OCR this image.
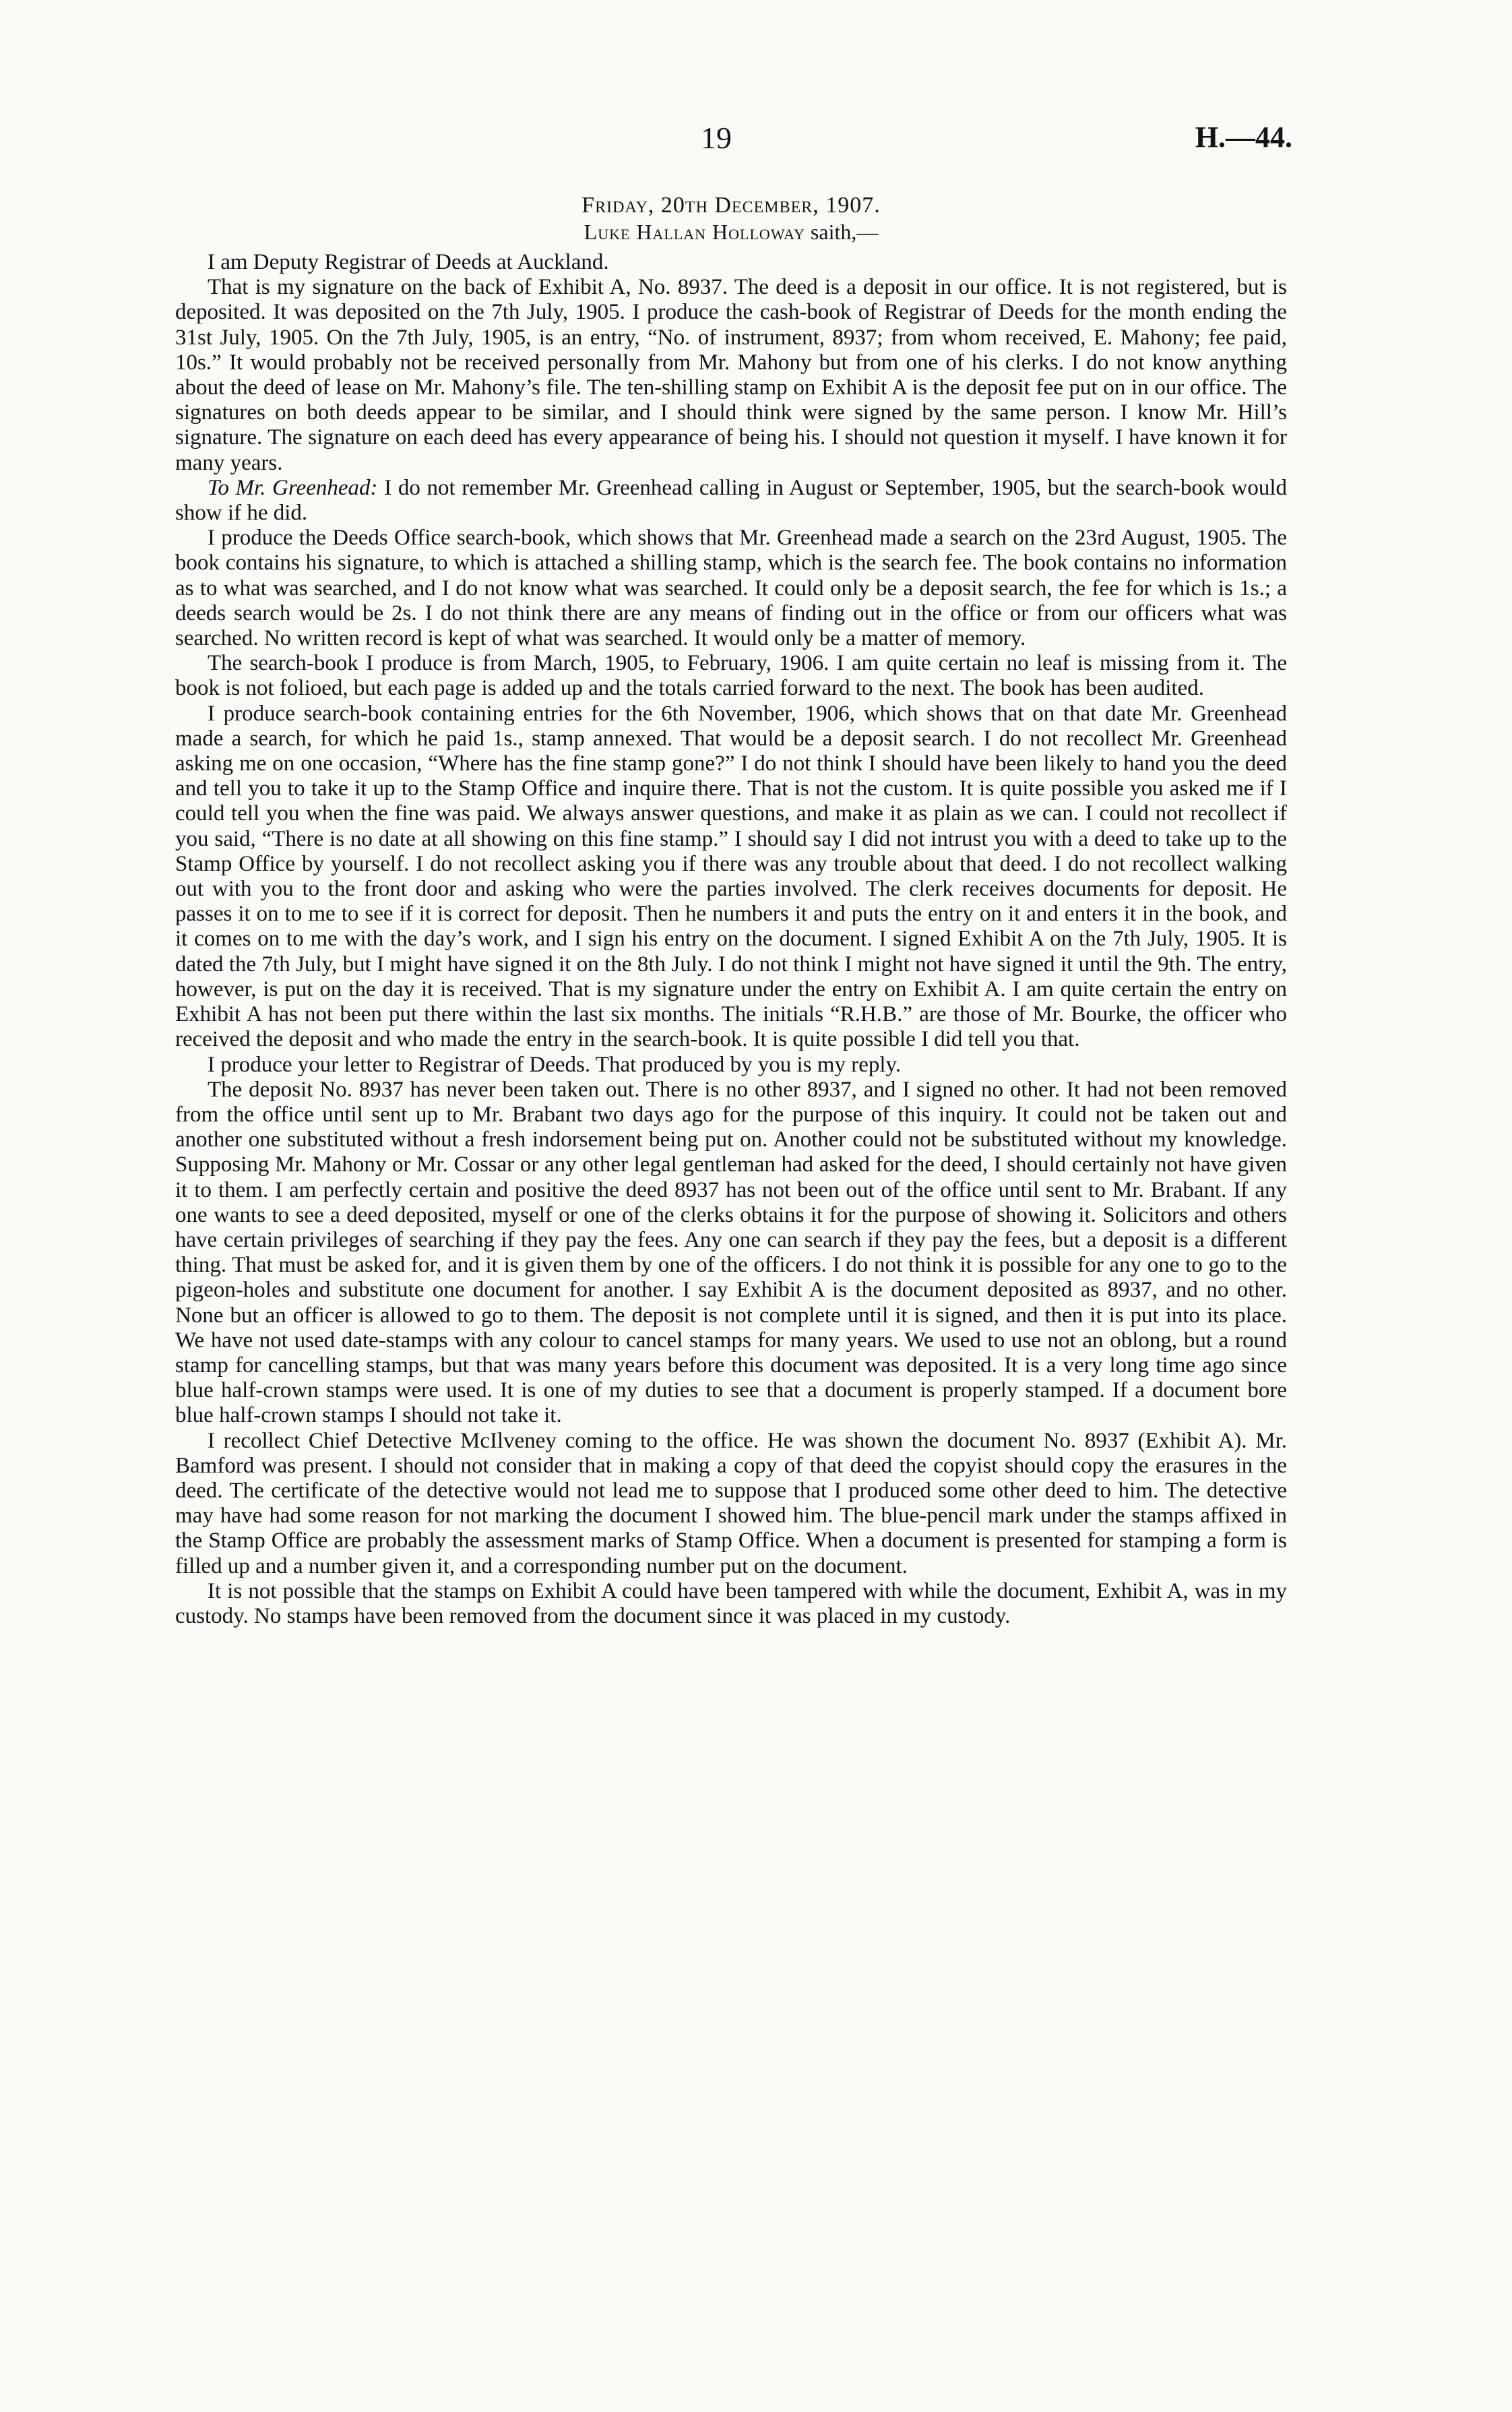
19	H.—44.
Friday, 20th December, 1907.
Luke Hallan Holloway saith,—

I am Deputy Registrar of Deeds at Auckland.

That is my signature on the back of Exhibit A, No. 8937. The deed is a deposit in our office. It is not registered, but is deposited. It was deposited on the 7th July, 1905. I produce the cash-book of Registrar of Deeds for the month ending the 31st July, 1905. On the 7th July, 1905, is an entry, “No. of instrument, 8937; from whom received, E. Mahony; fee paid, 10s.” It would probably not be received personally from Mr. Mahony but from one of his clerks. I do not know anything about the deed of lease on Mr. Mahony’s file. The ten-shilling stamp on Exhibit A is the deposit fee put on in our office. The signatures on both deeds appear to be similar, and I should think were signed by the same person. I know Mr. Hill’s signature. The signature on each deed has every appearance of being his. I should not question it myself. I have known it for many years.

To Mr. Greenhead: I do not remember Mr. Greenhead calling in August or September, 1905, but the search-book would show if he did.

I produce the Deeds Office search-book, which shows that Mr. Greenhead made a search on the 23rd August, 1905. The book contains his signature, to which is attached a shilling stamp, which is the search fee. The book contains no information as to what was searched, and I do not know what was searched. It could only be a deposit search, the fee for which is 1s.; a deeds search would be 2s. I do not think there are any means of finding out in the office or from our officers what was searched. No written record is kept of what was searched. It would only be a matter of memory.

The search-book I produce is from March, 1905, to February, 1906. I am quite certain no leaf is missing from it. The book is not folioed, but each page is added up and the totals carried forward to the next. The book has been audited.

I produce search-book containing entries for the 6th November, 1906, which shows that on that date Mr. Greenhead made a search, for which he paid 1s., stamp annexed. That would be a deposit search. I do not recollect Mr. Greenhead asking me on one occasion, “Where has the fine stamp gone?” I do not think I should have been likely to hand you the deed and tell you to take it up to the Stamp Office and inquire there. That is not the custom. It is quite possible you asked me if I could tell you when the fine was paid. We always answer questions, and make it as plain as we can. I could not recollect if you said, “There is no date at all showing on this fine stamp.” I should say I did not intrust you with a deed to take up to the Stamp Office by yourself. I do not recollect asking you if there was any trouble about that deed. I do not recollect walking out with you to the front door and asking who were the parties involved. The clerk receives documents for deposit. He passes it on to me to see if it is correct for deposit. Then he numbers it and puts the entry on it and enters it in the book, and it comes on to me with the day’s work, and I sign his entry on the document. I signed Exhibit A on the 7th July, 1905. It is dated the 7th July, but I might have signed it on the 8th July. I do not think I might not have signed it until the 9th. The entry, however, is put on the day it is received. That is my signature under the entry on Exhibit A. I am quite certain the entry on Exhibit A has not been put there within the last six months. The initials “R.H.B.” are those of Mr. Bourke, the officer who received the deposit and who made the entry in the search-book. It is quite possible I did tell you that.

I produce your letter to Registrar of Deeds. That produced by you is my reply.

The deposit No. 8937 has never been taken out. There is no other 8937, and I signed no other. It had not been removed from the office until sent up to Mr. Brabant two days ago for the purpose of this inquiry. It could not be taken out and another one substituted without a fresh indorsement being put on. Another could not be substituted without my knowledge. Supposing Mr. Mahony or Mr. Cossar or any other legal gentleman had asked for the deed, I should certainly not have given it to them. I am perfectly certain and positive the deed 8937 has not been out of the office until sent to Mr. Brabant. If any one wants to see a deed deposited, myself or one of the clerks obtains it for the purpose of showing it. Solicitors and others have certain privileges of searching if they pay the fees. Any one can search if they pay the fees, but a deposit is a different thing. That must be asked for, and it is given them by one of the officers. I do not think it is possible for any one to go to the pigeon-holes and substitute one document for another. I say Exhibit A is the document deposited as 8937, and no other. None but an officer is allowed to go to them. The deposit is not complete until it is signed, and then it is put into its place. We have not used date-stamps with any colour to cancel stamps for many years. We used to use not an oblong, but a round stamp for cancelling stamps, but that was many years before this document was deposited. It is a very long time ago since blue half-crown stamps were used. It is one of my duties to see that a document is properly stamped. If a document bore blue half-crown stamps I should not take it.

I recollect Chief Detective McIlveney coming to the office. He was shown the document No. 8937 (Exhibit A). Mr. Bamford was present. I should not consider that in making a copy of that deed the copyist should copy the erasures in the deed. The certificate of the detective would not lead me to suppose that I produced some other deed to him. The detective may have had some reason for not marking the document I showed him. The blue-pencil mark under the stamps affixed in the Stamp Office are probably the assessment marks of Stamp Office. When a document is presented for stamping a form is filled up and a number given it, and a corresponding number put on the document.

It is not possible that the stamps on Exhibit A could have been tampered with while the document, Exhibit A, was in my custody. No stamps have been removed from the document since it was placed in my custody.
